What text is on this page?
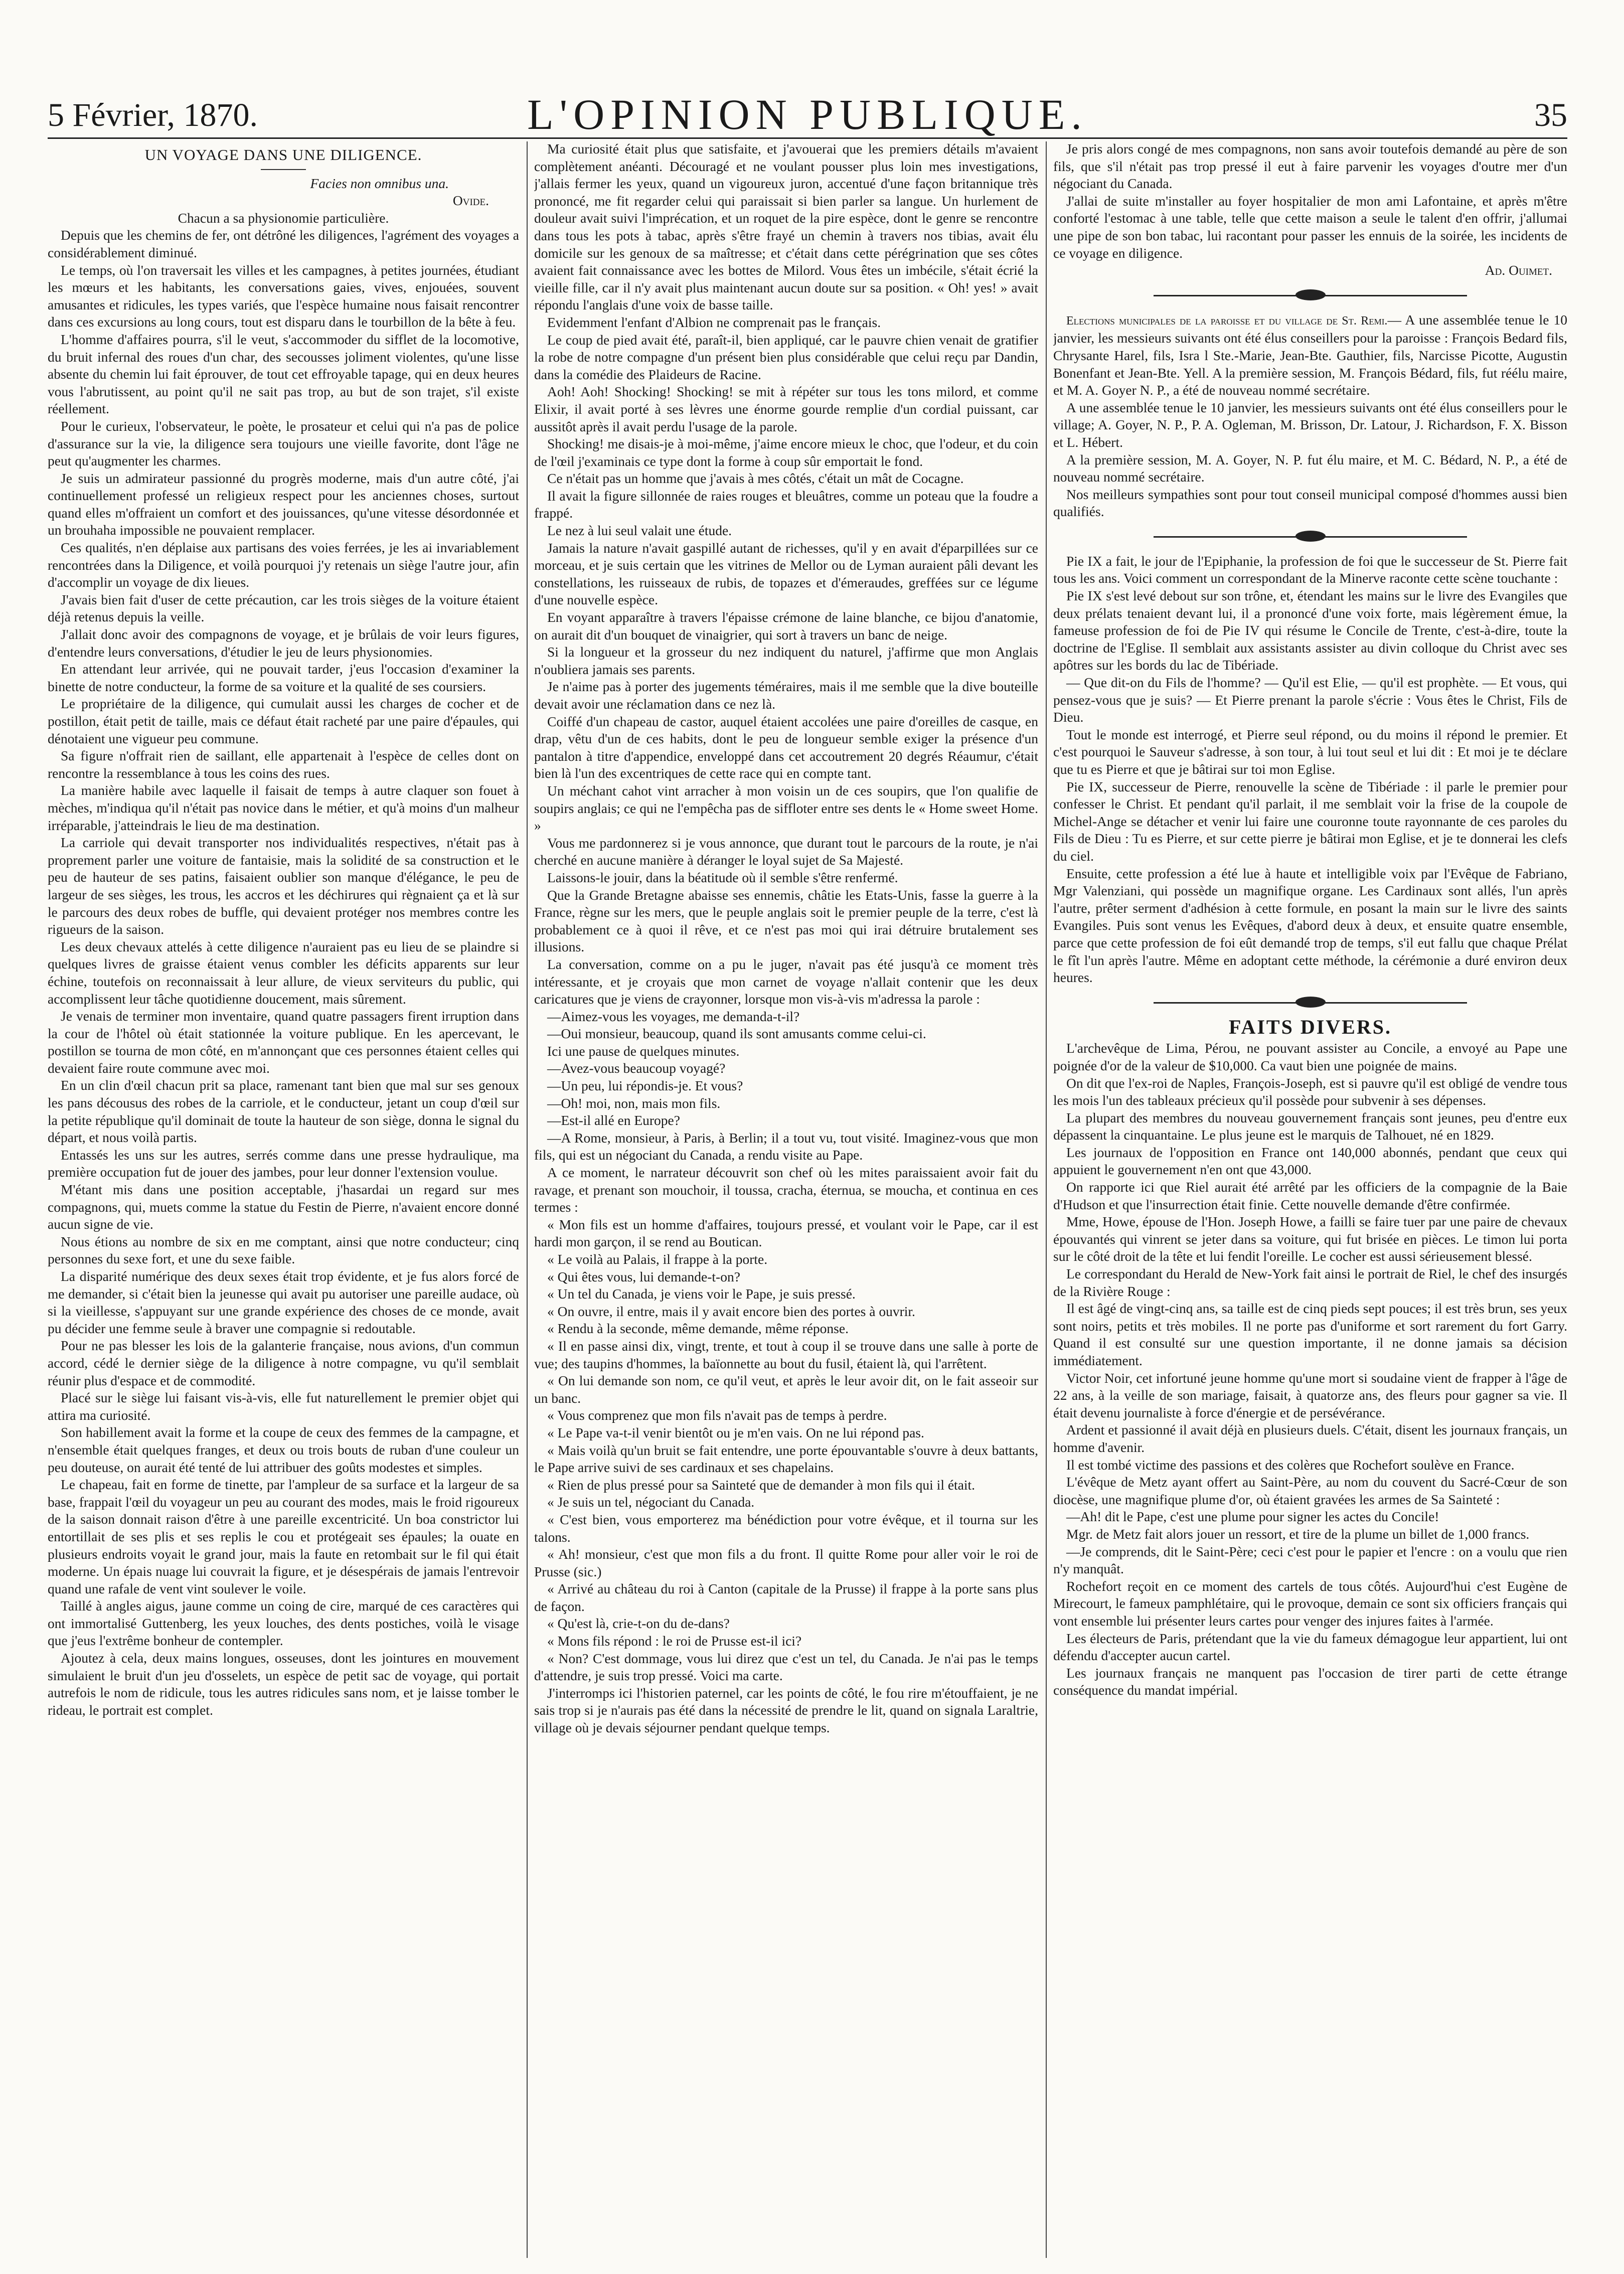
5 Février, 1870.	L'OPINION PUBLIQUE.	35

UN VOYAGE DANS UNE DILIGENCE.

Facies non omnibus una.

Ovide.

Chacun a sa physionomie particulière.

Depuis que les chemins de fer, ont détrôné les diligences, l'agrément des voyages a considérablement diminué.

Le temps, où l'on traversait les villes et les campagnes, à petites journées, étudiant les mœurs et les habitants, les conversations gaies, vives, enjouées, souvent amusantes et ridicules, les types variés, que l'espèce humaine nous faisait rencontrer dans ces excursions au long cours, tout est disparu dans le tourbillon de la bête à feu.

L'homme d'affaires pourra, s'il le veut, s'accommoder du sifflet de la locomotive, du bruit infernal des roues d'un char, des secousses joliment violentes, qu'une lisse absente du chemin lui fait éprouver, de tout cet effroyable tapage, qui en deux heures vous l'abrutissent, au point qu'il ne sait pas trop, au but de son trajet, s'il existe réellement.

Pour le curieux, l'observateur, le poète, le prosateur et celui qui n'a pas de police d'assurance sur la vie, la diligence sera toujours une vieille favorite, dont l'âge ne peut qu'augmenter les charmes.

Je suis un admirateur passionné du progrès moderne, mais d'un autre côté, j'ai continuellement professé un religieux respect pour les anciennes choses, surtout quand elles m'offraient un comfort et des jouissances, qu'une vitesse désordonnée et un brouhaha impossible ne pouvaient remplacer.

Ces qualités, n'en déplaise aux partisans des voies ferrées, je les ai invariablement rencontrées dans la Diligence, et voilà pourquoi j'y retenais un siège l'autre jour, afin d'accomplir un voyage de dix lieues.

J'avais bien fait d'user de cette précaution, car les trois sièges de la voiture étaient déjà retenus depuis la veille.

J'allait donc avoir des compagnons de voyage, et je brûlais de voir leurs figures, d'entendre leurs conversations, d'étudier le jeu de leurs physionomies.

En attendant leur arrivée, qui ne pouvait tarder, j'eus l'occasion d'examiner la binette de notre conducteur, la forme de sa voiture et la qualité de ses coursiers.

Le propriétaire de la diligence, qui cumulait aussi les charges de cocher et de postillon, était petit de taille, mais ce défaut était racheté par une paire d'épaules, qui dénotaient une vigueur peu commune.

Sa figure n'offrait rien de saillant, elle appartenait à l'espèce de celles dont on rencontre la ressemblance à tous les coins des rues.

La manière habile avec laquelle il faisait de temps à autre claquer son fouet à mèches, m'indiqua qu'il n'était pas novice dans le métier, et qu'à moins d'un malheur irréparable, j'atteindrais le lieu de ma destination.

La carriole qui devait transporter nos individualités respectives, n'était pas à proprement parler une voiture de fantaisie, mais la solidité de sa construction et le peu de hauteur de ses patins, faisaient oublier son manque d'élégance, le peu de largeur de ses sièges, les trous, les accros et les déchirures qui règnaient ça et là sur le parcours des deux robes de buffle, qui devaient protéger nos membres contre les rigueurs de la saison.

Les deux chevaux attelés à cette diligence n'auraient pas eu lieu de se plaindre si quelques livres de graisse étaient venus combler les déficits apparents sur leur échine, toutefois on reconnaissait à leur allure, de vieux serviteurs du public, qui accomplissent leur tâche quotidienne doucement, mais sûrement.

Je venais de terminer mon inventaire, quand quatre passagers firent irruption dans la cour de l'hôtel où était stationnée la voiture publique. En les apercevant, le postillon se tourna de mon côté, en m'annonçant que ces personnes étaient celles qui devaient faire route commune avec moi.

En un clin d'œil chacun prit sa place, ramenant tant bien que mal sur ses genoux les pans décousus des robes de la carriole, et le conducteur, jetant un coup d'œil sur la petite république qu'il dominait de toute la hauteur de son siège, donna le signal du départ, et nous voilà partis.

Entassés les uns sur les autres, serrés comme dans une presse hydraulique, ma première occupation fut de jouer des jambes, pour leur donner l'extension voulue.

M'étant mis dans une position acceptable, j'hasardai un regard sur mes compagnons, qui, muets comme la statue du Festin de Pierre, n'avaient encore donné aucun signe de vie.

Nous étions au nombre de six en me comptant, ainsi que notre conducteur; cinq personnes du sexe fort, et une du sexe faible.

La disparité numérique des deux sexes était trop évidente, et je fus alors forcé de me demander, si c'était bien la jeunesse qui avait pu autoriser une pareille audace, où si la vieillesse, s'appuyant sur une grande expérience des choses de ce monde, avait pu décider une femme seule à braver une compagnie si redoutable.

Pour ne pas blesser les lois de la galanterie française, nous avions, d'un commun accord, cédé le dernier siège de la diligence à notre compagne, vu qu'il semblait réunir plus d'espace et de commodité.

Placé sur le siège lui faisant vis-à-vis, elle fut naturellement le premier objet qui attira ma curiosité.

Son habillement avait la forme et la coupe de ceux des femmes de la campagne, et n'ensemble était quelques franges, et deux ou trois bouts de ruban d'une couleur un peu douteuse, on aurait été tenté de lui attribuer des goûts modestes et simples.

Le chapeau, fait en forme de tinette, par l'ampleur de sa surface et la largeur de sa base, frappait l'œil du voyageur un peu au courant des modes, mais le froid rigoureux de la saison donnait raison d'être à une pareille excentricité. Un boa constrictor lui entortillait de ses plis et ses replis le cou et protégeait ses épaules; la ouate en plusieurs endroits voyait le grand jour, mais la faute en retombait sur le fil qui était moderne. Un épais nuage lui couvrait la figure, et je désespérais de jamais l'entrevoir quand une rafale de vent vint soulever le voile.

Taillé à angles aigus, jaune comme un coing de cire, marqué de ces caractères qui ont immortalisé Guttenberg, les yeux louches, des dents postiches, voilà le visage que j'eus l'extrême bonheur de contempler.

Ajoutez à cela, deux mains longues, osseuses, dont les jointures en mouvement simulaient le bruit d'un jeu d'osselets, un espèce de petit sac de voyage, qui portait autrefois le nom de ridicule, tous les autres ridicules sans nom, et je laisse tomber le rideau, le portrait est complet.

Ma curiosité était plus que satisfaite, et j'avouerai que les premiers détails m'avaient complètement anéanti. Découragé et ne voulant pousser plus loin mes investigations, j'allais fermer les yeux, quand un vigoureux juron, accentué d'une façon britannique très prononcé, me fit regarder celui qui paraissait si bien parler sa langue. Un hurlement de douleur avait suivi l'imprécation, et un roquet de la pire espèce, dont le genre se rencontre dans tous les pots à tabac, après s'être frayé un chemin à travers nos tibias, avait élu domicile sur les genoux de sa maîtresse; et c'était dans cette pérégrination que ses côtes avaient fait connaissance avec les bottes de Milord. Vous êtes un imbécile, s'était écrié la vieille fille, car il n'y avait plus maintenant aucun doute sur sa position. « Oh! yes! » avait répondu l'anglais d'une voix de basse taille.

Evidemment l'enfant d'Albion ne comprenait pas le français.

Le coup de pied avait été, paraît-il, bien appliqué, car le pauvre chien venait de gratifier la robe de notre compagne d'un présent bien plus considérable que celui reçu par Dandin, dans la comédie des Plaideurs de Racine.

Aoh! Aoh! Shocking! Shocking! se mit à répéter sur tous les tons milord, et comme Elixir, il avait porté à ses lèvres une énorme gourde remplie d'un cordial puissant, car aussitôt après il avait perdu l'usage de la parole.

Shocking! me disais-je à moi-même, j'aime encore mieux le choc, que l'odeur, et du coin de l'œil j'examinais ce type dont la forme à coup sûr emportait le fond.

Ce n'était pas un homme que j'avais à mes côtés, c'était un mât de Cocagne.

Il avait la figure sillonnée de raies rouges et bleuâtres, comme un poteau que la foudre a frappé.

Le nez à lui seul valait une étude.

Jamais la nature n'avait gaspillé autant de richesses, qu'il y en avait d'éparpillées sur ce morceau, et je suis certain que les vitrines de Mellor ou de Lyman auraient pâli devant les constellations, les ruisseaux de rubis, de topazes et d'émeraudes, greffées sur ce légume d'une nouvelle espèce.

En voyant apparaître à travers l'épaisse crémone de laine blanche, ce bijou d'anatomie, on aurait dit d'un bouquet de vinaigrier, qui sort à travers un banc de neige.

Si la longueur et la grosseur du nez indiquent du naturel, j'affirme que mon Anglais n'oubliera jamais ses parents.

Je n'aime pas à porter des jugements téméraires, mais il me semble que la dive bouteille devait avoir une réclamation dans ce nez là.

Coiffé d'un chapeau de castor, auquel étaient accolées une paire d'oreilles de casque, en drap, vêtu d'un de ces habits, dont le peu de longueur semble exiger la présence d'un pantalon à titre d'appendice, enveloppé dans cet accoutrement 20 degrés Réaumur, c'était bien là l'un des excentriques de cette race qui en compte tant.

Un méchant cahot vint arracher à mon voisin un de ces soupirs, que l'on qualifie de soupirs anglais; ce qui ne l'empêcha pas de siffloter entre ses dents le « Home sweet Home. »

Vous me pardonnerez si je vous annonce, que durant tout le parcours de la route, je n'ai cherché en aucune manière à déranger le loyal sujet de Sa Majesté.

Laissons-le jouir, dans la béatitude où il semble s'être renfermé.

Que la Grande Bretagne abaisse ses ennemis, châtie les Etats-Unis, fasse la guerre à la France, règne sur les mers, que le peuple anglais soit le premier peuple de la terre, c'est là probablement ce à quoi il rêve, et ce n'est pas moi qui irai détruire brutalement ses illusions.

La conversation, comme on a pu le juger, n'avait pas été jusqu'à ce moment très intéressante, et je croyais que mon carnet de voyage n'allait contenir que les deux caricatures que je viens de crayonner, lorsque mon vis-à-vis m'adressa la parole :

—Aimez-vous les voyages, me demanda-t-il?

—Oui monsieur, beaucoup, quand ils sont amusants comme celui-ci.

Ici une pause de quelques minutes.

—Avez-vous beaucoup voyagé?

—Un peu, lui répondis-je. Et vous?

—Oh! moi, non, mais mon fils.

—Est-il allé en Europe?

—A Rome, monsieur, à Paris, à Berlin; il a tout vu, tout visité. Imaginez-vous que mon fils, qui est un négociant du Canada, a rendu visite au Pape.

A ce moment, le narrateur découvrit son chef où les mites paraissaient avoir fait du ravage, et prenant son mouchoir, il toussa, cracha, éternua, se moucha, et continua en ces termes :

« Mon fils est un homme d'affaires, toujours pressé, et voulant voir le Pape, car il est hardi mon garçon, il se rend au Boutican.

« Le voilà au Palais, il frappe à la porte.

« Qui êtes vous, lui demande-t-on?

« Un tel du Canada, je viens voir le Pape, je suis pressé.

« On ouvre, il entre, mais il y avait encore bien des portes à ouvrir.

« Rendu à la seconde, même demande, même réponse.

« Il en passe ainsi dix, vingt, trente, et tout à coup il se trouve dans une salle à porte de vue; des taupins d'hommes, la baïonnette au bout du fusil, étaient là, qui l'arrêtent.

« On lui demande son nom, ce qu'il veut, et après le leur avoir dit, on le fait asseoir sur un banc.

« Vous comprenez que mon fils n'avait pas de temps à perdre.

« Le Pape va-t-il venir bientôt ou je m'en vais. On ne lui répond pas.

« Mais voilà qu'un bruit se fait entendre, une porte épouvantable s'ouvre à deux battants, le Pape arrive suivi de ses cardinaux et ses chapelains.

« Rien de plus pressé pour sa Sainteté que de demander à mon fils qui il était.

« Je suis un tel, négociant du Canada.

« C'est bien, vous emporterez ma bénédiction pour votre évêque, et il tourna sur les talons.

« Ah! monsieur, c'est que mon fils a du front. Il quitte Rome pour aller voir le roi de Prusse (sic.)

« Arrivé au château du roi à Canton (capitale de la Prusse) il frappe à la porte sans plus de façon.

« Qu'est là, crie-t-on du de-dans?

« Mons fils répond : le roi de Prusse est-il ici?

« Non? C'est dommage, vous lui direz que c'est un tel, du Canada. Je n'ai pas le temps d'attendre, je suis trop pressé. Voici ma carte.

J'interromps ici l'historien paternel, car les points de côté, le fou rire m'étouffaient, je ne sais trop si je n'aurais pas été dans la nécessité de prendre le lit, quand on signala Laraltrie, village où je devais séjourner pendant quelque temps.

Je pris alors congé de mes compagnons, non sans avoir toutefois demandé au père de son fils, que s'il n'était pas trop pressé il eut à faire parvenir les voyages d'outre mer d'un négociant du Canada.

J'allai de suite m'installer au foyer hospitalier de mon ami Lafontaine, et après m'être conforté l'estomac à une table, telle que cette maison a seule le talent d'en offrir, j'allumai une pipe de son bon tabac, lui racontant pour passer les ennuis de la soirée, les incidents de ce voyage en diligence.

Ad. Ouimet.

Elections municipales de la paroisse et du village de St. Remi.— A une assemblée tenue le 10 janvier, les messieurs suivants ont été élus conseillers pour la paroisse : François Bedard fils, Chrysante Harel, fils, Isra l Ste.-Marie, Jean-Bte. Gauthier, fils, Narcisse Picotte, Augustin Bonenfant et Jean-Bte. Yell. A la première session, M. François Bédard, fils, fut réélu maire, et M. A. Goyer N. P., a été de nouveau nommé secrétaire.

A une assemblée tenue le 10 janvier, les messieurs suivants ont été élus conseillers pour le village; A. Goyer, N. P., P. A. Ogleman, M. Brisson, Dr. Latour, J. Richardson, F. X. Bisson et L. Hébert.

A la première session, M. A. Goyer, N. P. fut élu maire, et M. C. Bédard, N. P., a été de nouveau nommé secrétaire.

Nos meilleurs sympathies sont pour tout conseil municipal composé d'hommes aussi bien qualifiés.

Pie IX a fait, le jour de l'Epiphanie, la profession de foi que le successeur de St. Pierre fait tous les ans. Voici comment un correspondant de la Minerve raconte cette scène touchante :

Pie IX s'est levé debout sur son trône, et, étendant les mains sur le livre des Evangiles que deux prélats tenaient devant lui, il a prononcé d'une voix forte, mais légèrement émue, la fameuse profession de foi de Pie IV qui résume le Concile de Trente, c'est-à-dire, toute la doctrine de l'Eglise. Il semblait aux assistants assister au divin colloque du Christ avec ses apôtres sur les bords du lac de Tibériade.

— Que dit-on du Fils de l'homme? — Qu'il est Elie, — qu'il est prophète. — Et vous, qui pensez-vous que je suis? — Et Pierre prenant la parole s'écrie : Vous êtes le Christ, Fils de Dieu.

Tout le monde est interrogé, et Pierre seul répond, ou du moins il répond le premier. Et c'est pourquoi le Sauveur s'adresse, à son tour, à lui tout seul et lui dit : Et moi je te déclare que tu es Pierre et que je bâtirai sur toi mon Eglise.

Pie IX, successeur de Pierre, renouvelle la scène de Tibériade : il parle le premier pour confesser le Christ. Et pendant qu'il parlait, il me semblait voir la frise de la coupole de Michel-Ange se détacher et venir lui faire une couronne toute rayonnante de ces paroles du Fils de Dieu : Tu es Pierre, et sur cette pierre je bâtirai mon Eglise, et je te donnerai les clefs du ciel.

Ensuite, cette profession a été lue à haute et intelligible voix par l'Evêque de Fabriano, Mgr Valenziani, qui possède un magnifique organe. Les Cardinaux sont allés, l'un après l'autre, prêter serment d'adhésion à cette formule, en posant la main sur le livre des saints Evangiles. Puis sont venus les Evêques, d'abord deux à deux, et ensuite quatre ensemble, parce que cette profession de foi eût demandé trop de temps, s'il eut fallu que chaque Prélat le fît l'un après l'autre. Même en adoptant cette méthode, la cérémonie a duré environ deux heures.

FAITS DIVERS.

L'archevêque de Lima, Pérou, ne pouvant assister au Concile, a envoyé au Pape une poignée d'or de la valeur de $10,000. Ca vaut bien une poignée de mains.

On dit que l'ex-roi de Naples, François-Joseph, est si pauvre qu'il est obligé de vendre tous les mois l'un des tableaux précieux qu'il possède pour subvenir à ses dépenses.

La plupart des membres du nouveau gouvernement français sont jeunes, peu d'entre eux dépassent la cinquantaine. Le plus jeune est le marquis de Talhouet, né en 1829.

Les journaux de l'opposition en France ont 140,000 abonnés, pendant que ceux qui appuient le gouvernement n'en ont que 43,000.

On rapporte ici que Riel aurait été arrêté par les officiers de la compagnie de la Baie d'Hudson et que l'insurrection était finie. Cette nouvelle demande d'être confirmée.

Mme, Howe, épouse de l'Hon. Joseph Howe, a failli se faire tuer par une paire de chevaux épouvantés qui vinrent se jeter dans sa voiture, qui fut brisée en pièces. Le timon lui porta sur le côté droit de la tête et lui fendit l'oreille. Le cocher est aussi sérieusement blessé.

Le correspondant du Herald de New-York fait ainsi le portrait de Riel, le chef des insurgés de la Rivière Rouge :

Il est âgé de vingt-cinq ans, sa taille est de cinq pieds sept pouces; il est très brun, ses yeux sont noirs, petits et très mobiles. Il ne porte pas d'uniforme et sort rarement du fort Garry. Quand il est consulté sur une question importante, il ne donne jamais sa décision immédiatement.

Victor Noir, cet infortuné jeune homme qu'une mort si soudaine vient de frapper à l'âge de 22 ans, à la veille de son mariage, faisait, à quatorze ans, des fleurs pour gagner sa vie. Il était devenu journaliste à force d'énergie et de persévérance.

Ardent et passionné il avait déjà en plusieurs duels. C'était, disent les journaux français, un homme d'avenir.

Il est tombé victime des passions et des colères que Rochefort soulève en France.

L'évêque de Metz ayant offert au Saint-Père, au nom du couvent du Sacré-Cœur de son diocèse, une magnifique plume d'or, où étaient gravées les armes de Sa Sainteté :

—Ah! dit le Pape, c'est une plume pour signer les actes du Concile!

Mgr. de Metz fait alors jouer un ressort, et tire de la plume un billet de 1,000 francs.

—Je comprends, dit le Saint-Père; ceci c'est pour le papier et l'encre : on a voulu que rien n'y manquât.

Rochefort reçoit en ce moment des cartels de tous côtés. Aujourd'hui c'est Eugène de Mirecourt, le fameux pamphlétaire, qui le provoque, demain ce sont six officiers français qui vont ensemble lui présenter leurs cartes pour venger des injures faites à l'armée.

Les électeurs de Paris, prétendant que la vie du fameux démagogue leur appartient, lui ont défendu d'accepter aucun cartel.

Les journaux français ne manquent pas l'occasion de tirer parti de cette étrange conséquence du mandat impérial.
